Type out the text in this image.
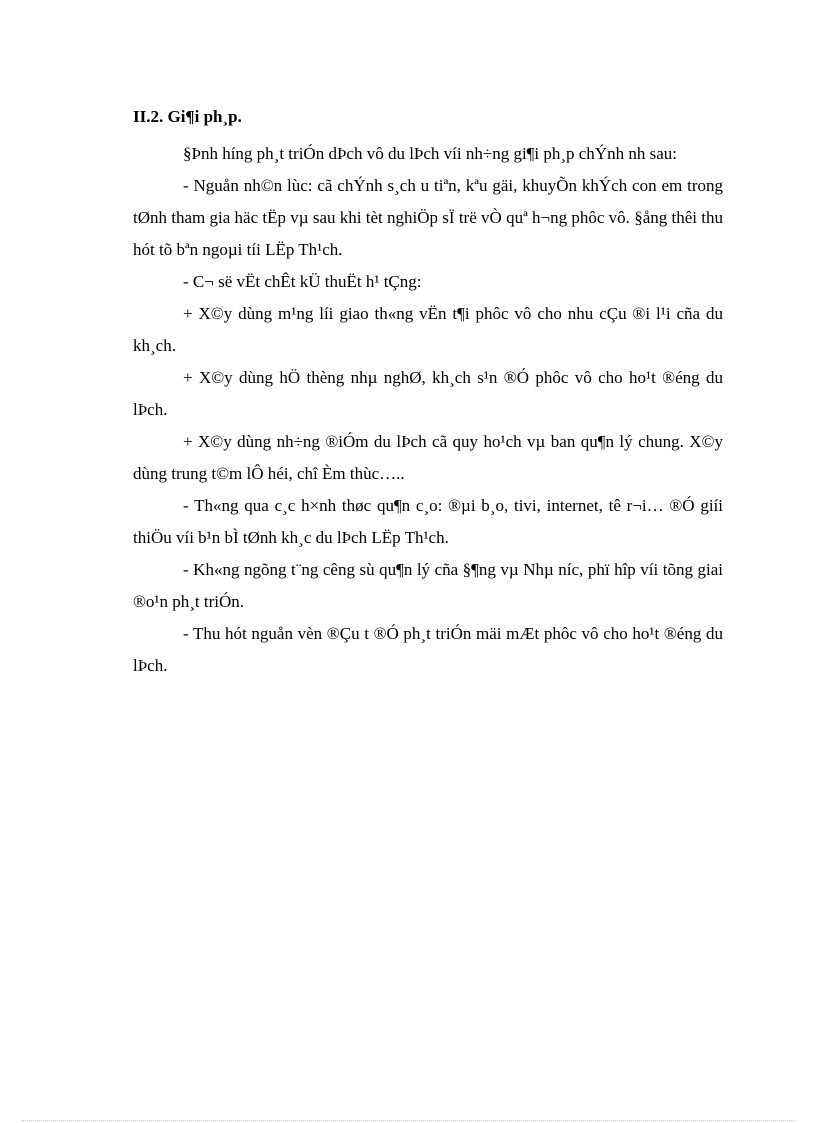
II.2. Gi¶i ph¸p.

§Þnh híng ph¸t triÓn dÞch vô du lÞch víi nh÷ng gi¶i ph¸p chÝnh nh sau:

- Nguån nh©n lùc: cã chÝnh s¸ch u tiªn, kªu gäi, khuyÕn khÝch con em trong tØnh tham gia häc tËp vµ sau khi tèt nghiÖp sÏ trë vÒ quª h¬ng phôc vô. §ång thêi thu hót tõ bªn ngoµi tíi LËp Th¹ch.

- C¬ së vËt chÊt kÜ thuËt h¹ tÇng:

+ X©y dùng m¹ng líi giao th«ng vËn t¶i phôc vô cho nhu cÇu ®i l¹i cña du kh¸ch.

+ X©y dùng hÖ thèng nhµ nghØ, kh¸ch s¹n ®Ó phôc vô cho ho¹t ®éng du lÞch.

+ X©y dùng nh÷ng ®iÓm du lÞch cã quy ho¹ch vµ ban qu¶n lý chung. X©y dùng trung t©m lÔ héi, chî Èm thùc…..

- Th«ng qua c¸c h×nh thøc qu¶n c¸o: ®µi b¸o, tivi, internet, tê r¬i… ®Ó giíi thiÖu víi b¹n bÌ tØnh kh¸c du lÞch LËp Th¹ch.

- Kh«ng ngõng t¨ng cêng sù qu¶n lý cña §¶ng vµ Nhµ níc, phï hîp víi tõng giai ®o¹n ph¸t triÓn.

- Thu hót nguån vèn ®Çu t ®Ó ph¸t triÓn mäi mÆt phôc vô cho ho¹t ®éng du lÞch.
